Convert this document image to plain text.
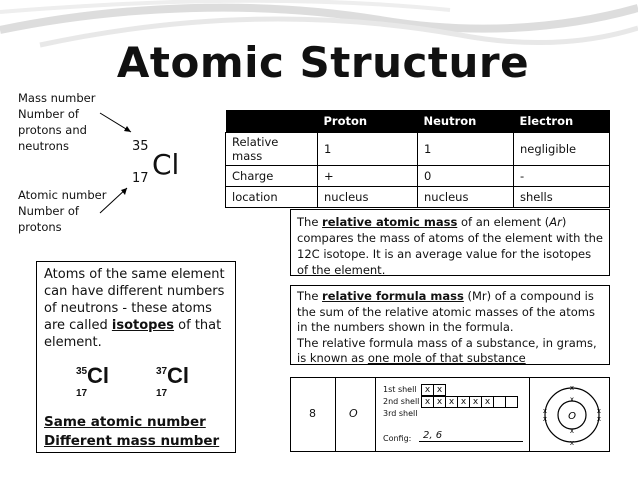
Atomic Structure
Mass number
Number of
protons and
neutrons
Atomic number
Number of
protons
35
17 Cl
	Proton	Neutron	Electron
Relative mass	1	1	negligible
Charge	+	0	-
location	nucleus	nucleus	shells

The relative atomic mass of an element (Ar) compares the mass of atoms of the element with the 12C isotope. It is an average value for the isotopes of the element.

The relative formula mass (Mr) of a compound is the sum of the relative atomic masses of the atoms in the numbers shown in the formula.

The relative formula mass of a substance, in grams, is known as one mole of that substance

Atoms of the same element can have different numbers of neutrons - these atoms are called isotopes of that element.

35
17
Cl	37
17
Cl

Same atomic number

Different mass number

8	O
1st shell
2nd shell
3rd shell
x	x
x	x	x	x	x	x		
Config: 2, 6
x
x
x
x
x
x
x
x
O
